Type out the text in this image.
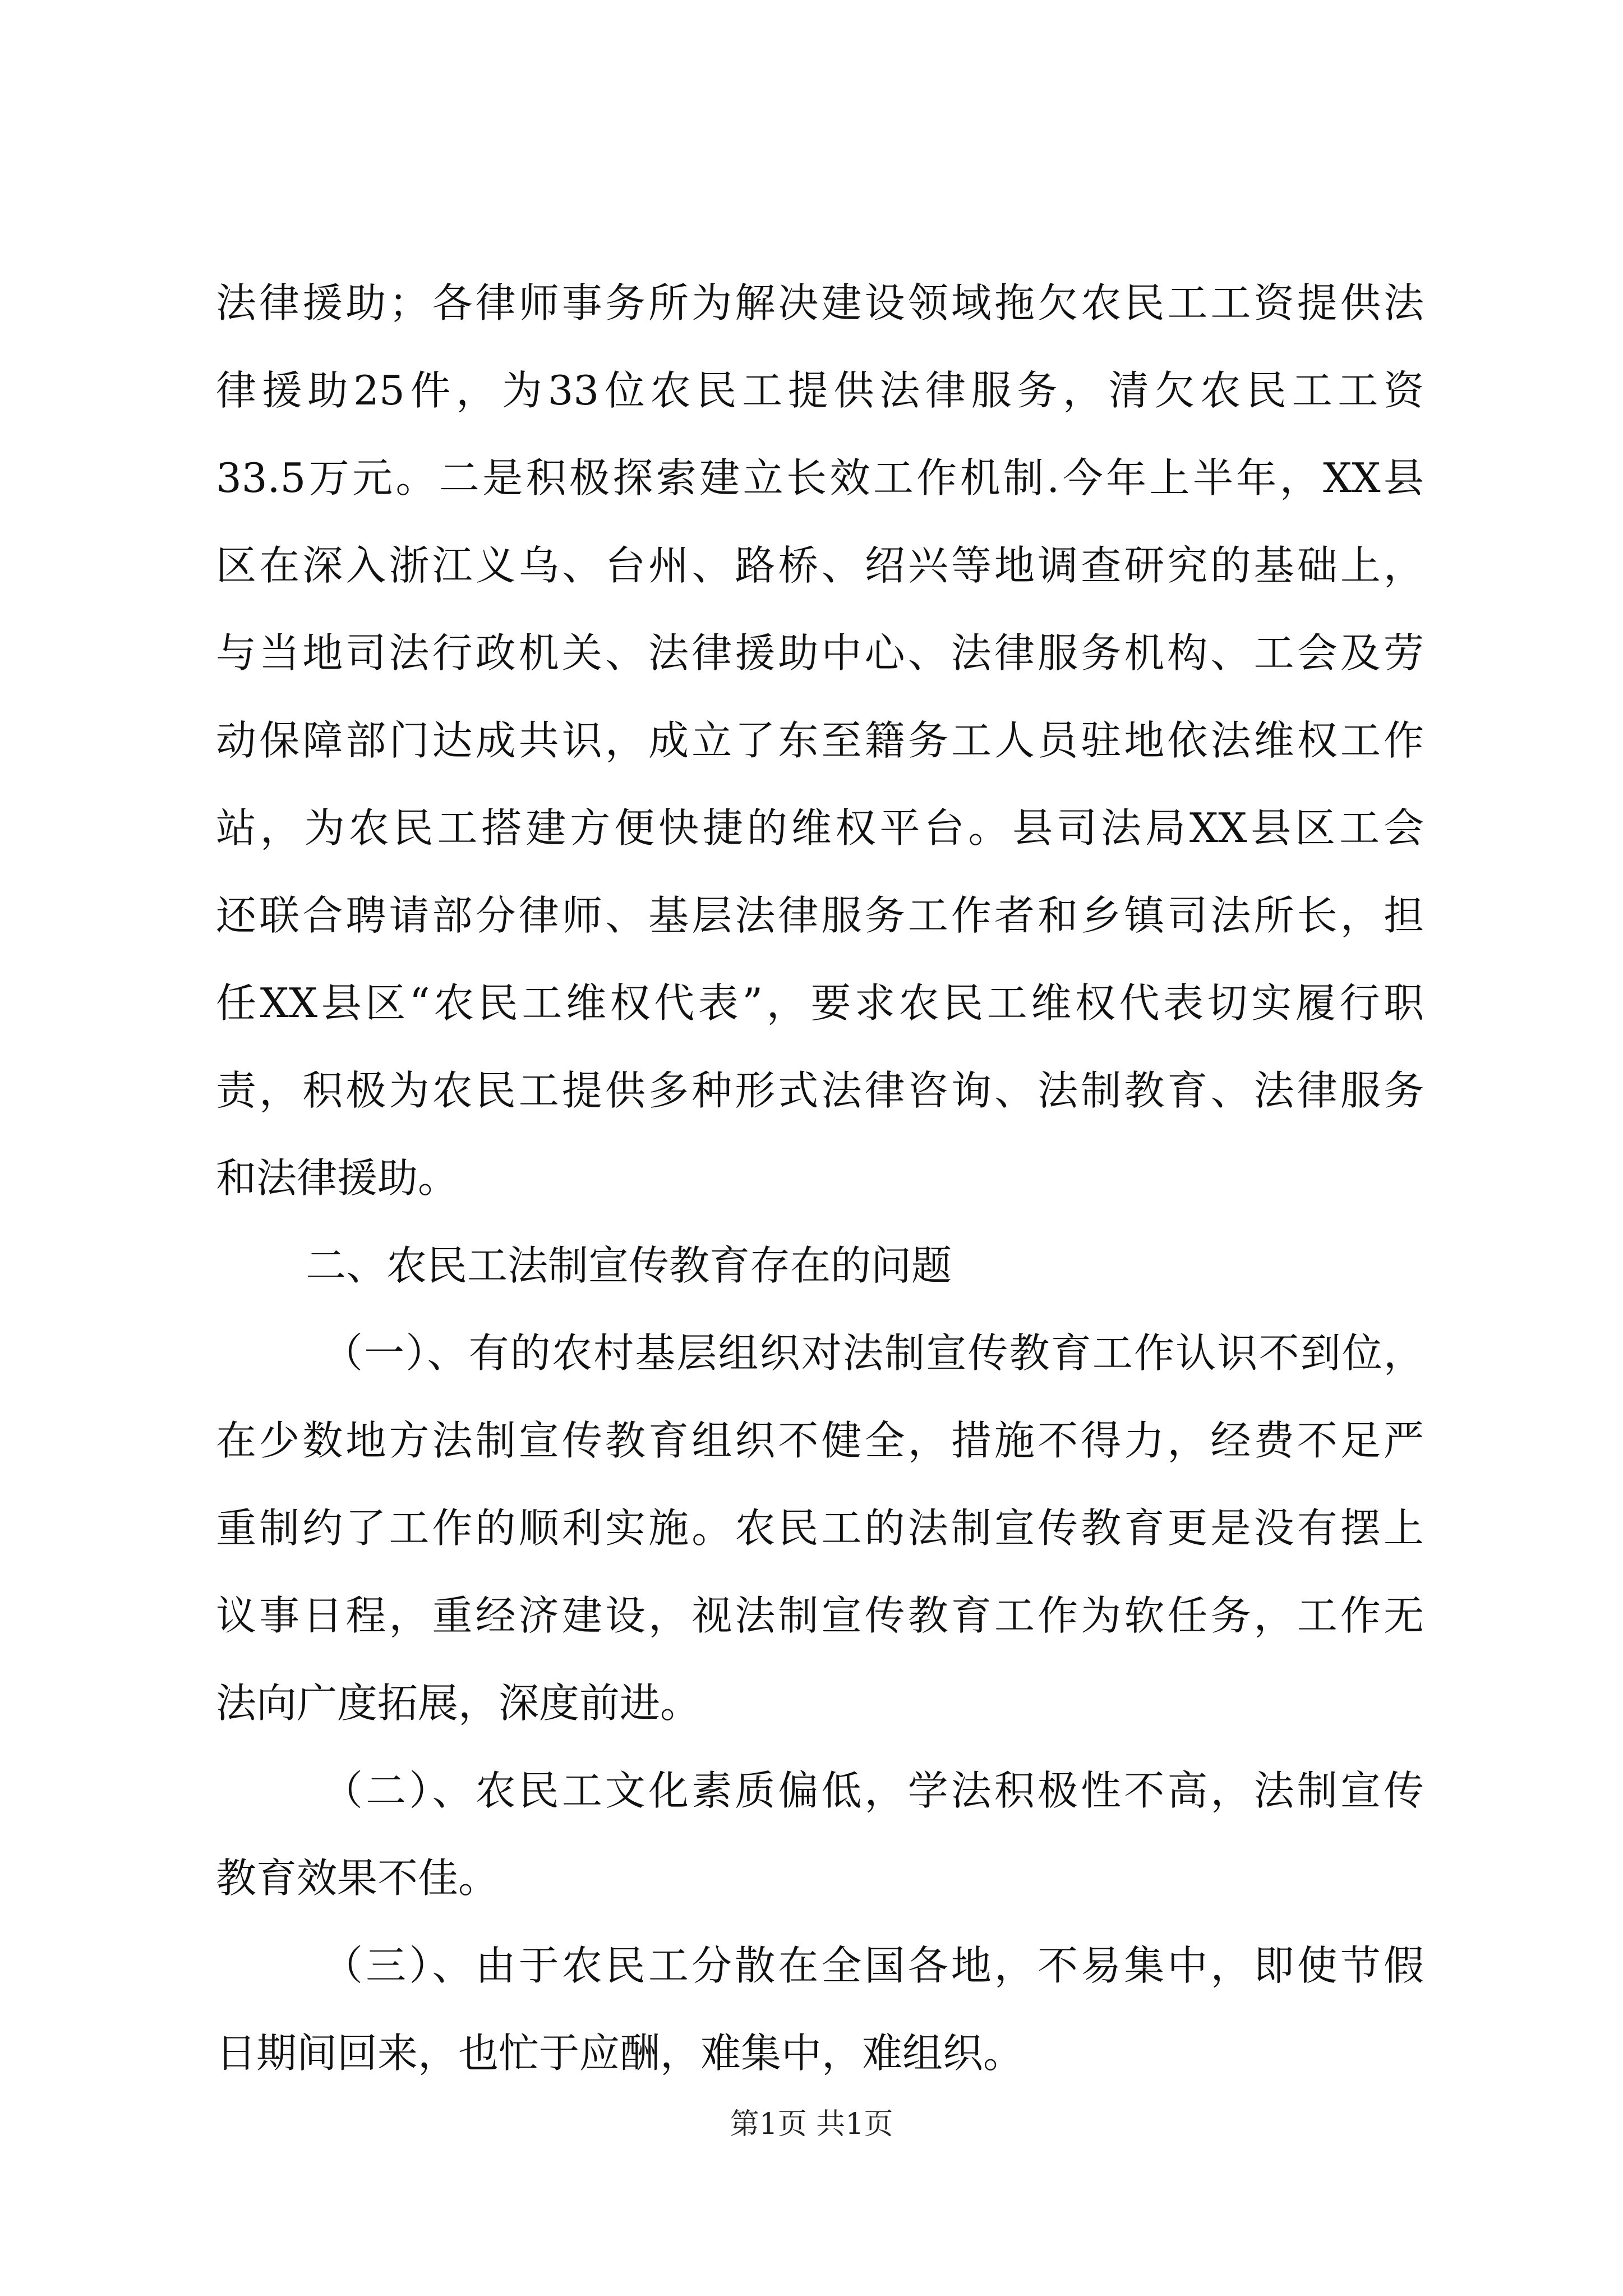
法律援助；各律师事务所为解决建设领域拖欠农民工工资提供法
律援助25件，为33位农民工提供法律服务，清欠农民工工资
33.5万元。二是积极探索建立长效工作机制.今年上半年，XX县
区在深入浙江义乌、台州、路桥、绍兴等地调查研究的基础上，
与当地司法行政机关、法律援助中心、法律服务机构、工会及劳
动保障部门达成共识，成立了东至籍务工人员驻地依法维权工作
站，为农民工搭建方便快捷的维权平台。县司法局XX县区工会
还联合聘请部分律师、基层法律服务工作者和乡镇司法所长，担
任XX县区“农民工维权代表”，要求农民工维权代表切实履行职
责，积极为农民工提供多种形式法律咨询、法制教育、法律服务
和法律援助。
二、农民工法制宣传教育存在的问题
（一）、有的农村基层组织对法制宣传教育工作认识不到位，
在少数地方法制宣传教育组织不健全，措施不得力，经费不足严
重制约了工作的顺利实施。农民工的法制宣传教育更是没有摆上
议事日程，重经济建设，视法制宣传教育工作为软任务，工作无
法向广度拓展，深度前进。
（二）、农民工文化素质偏低，学法积极性不高，法制宣传
教育效果不佳。
（三）、由于农民工分散在全国各地，不易集中，即使节假
日期间回来，也忙于应酬，难集中，难组织。
第1页 共1页
